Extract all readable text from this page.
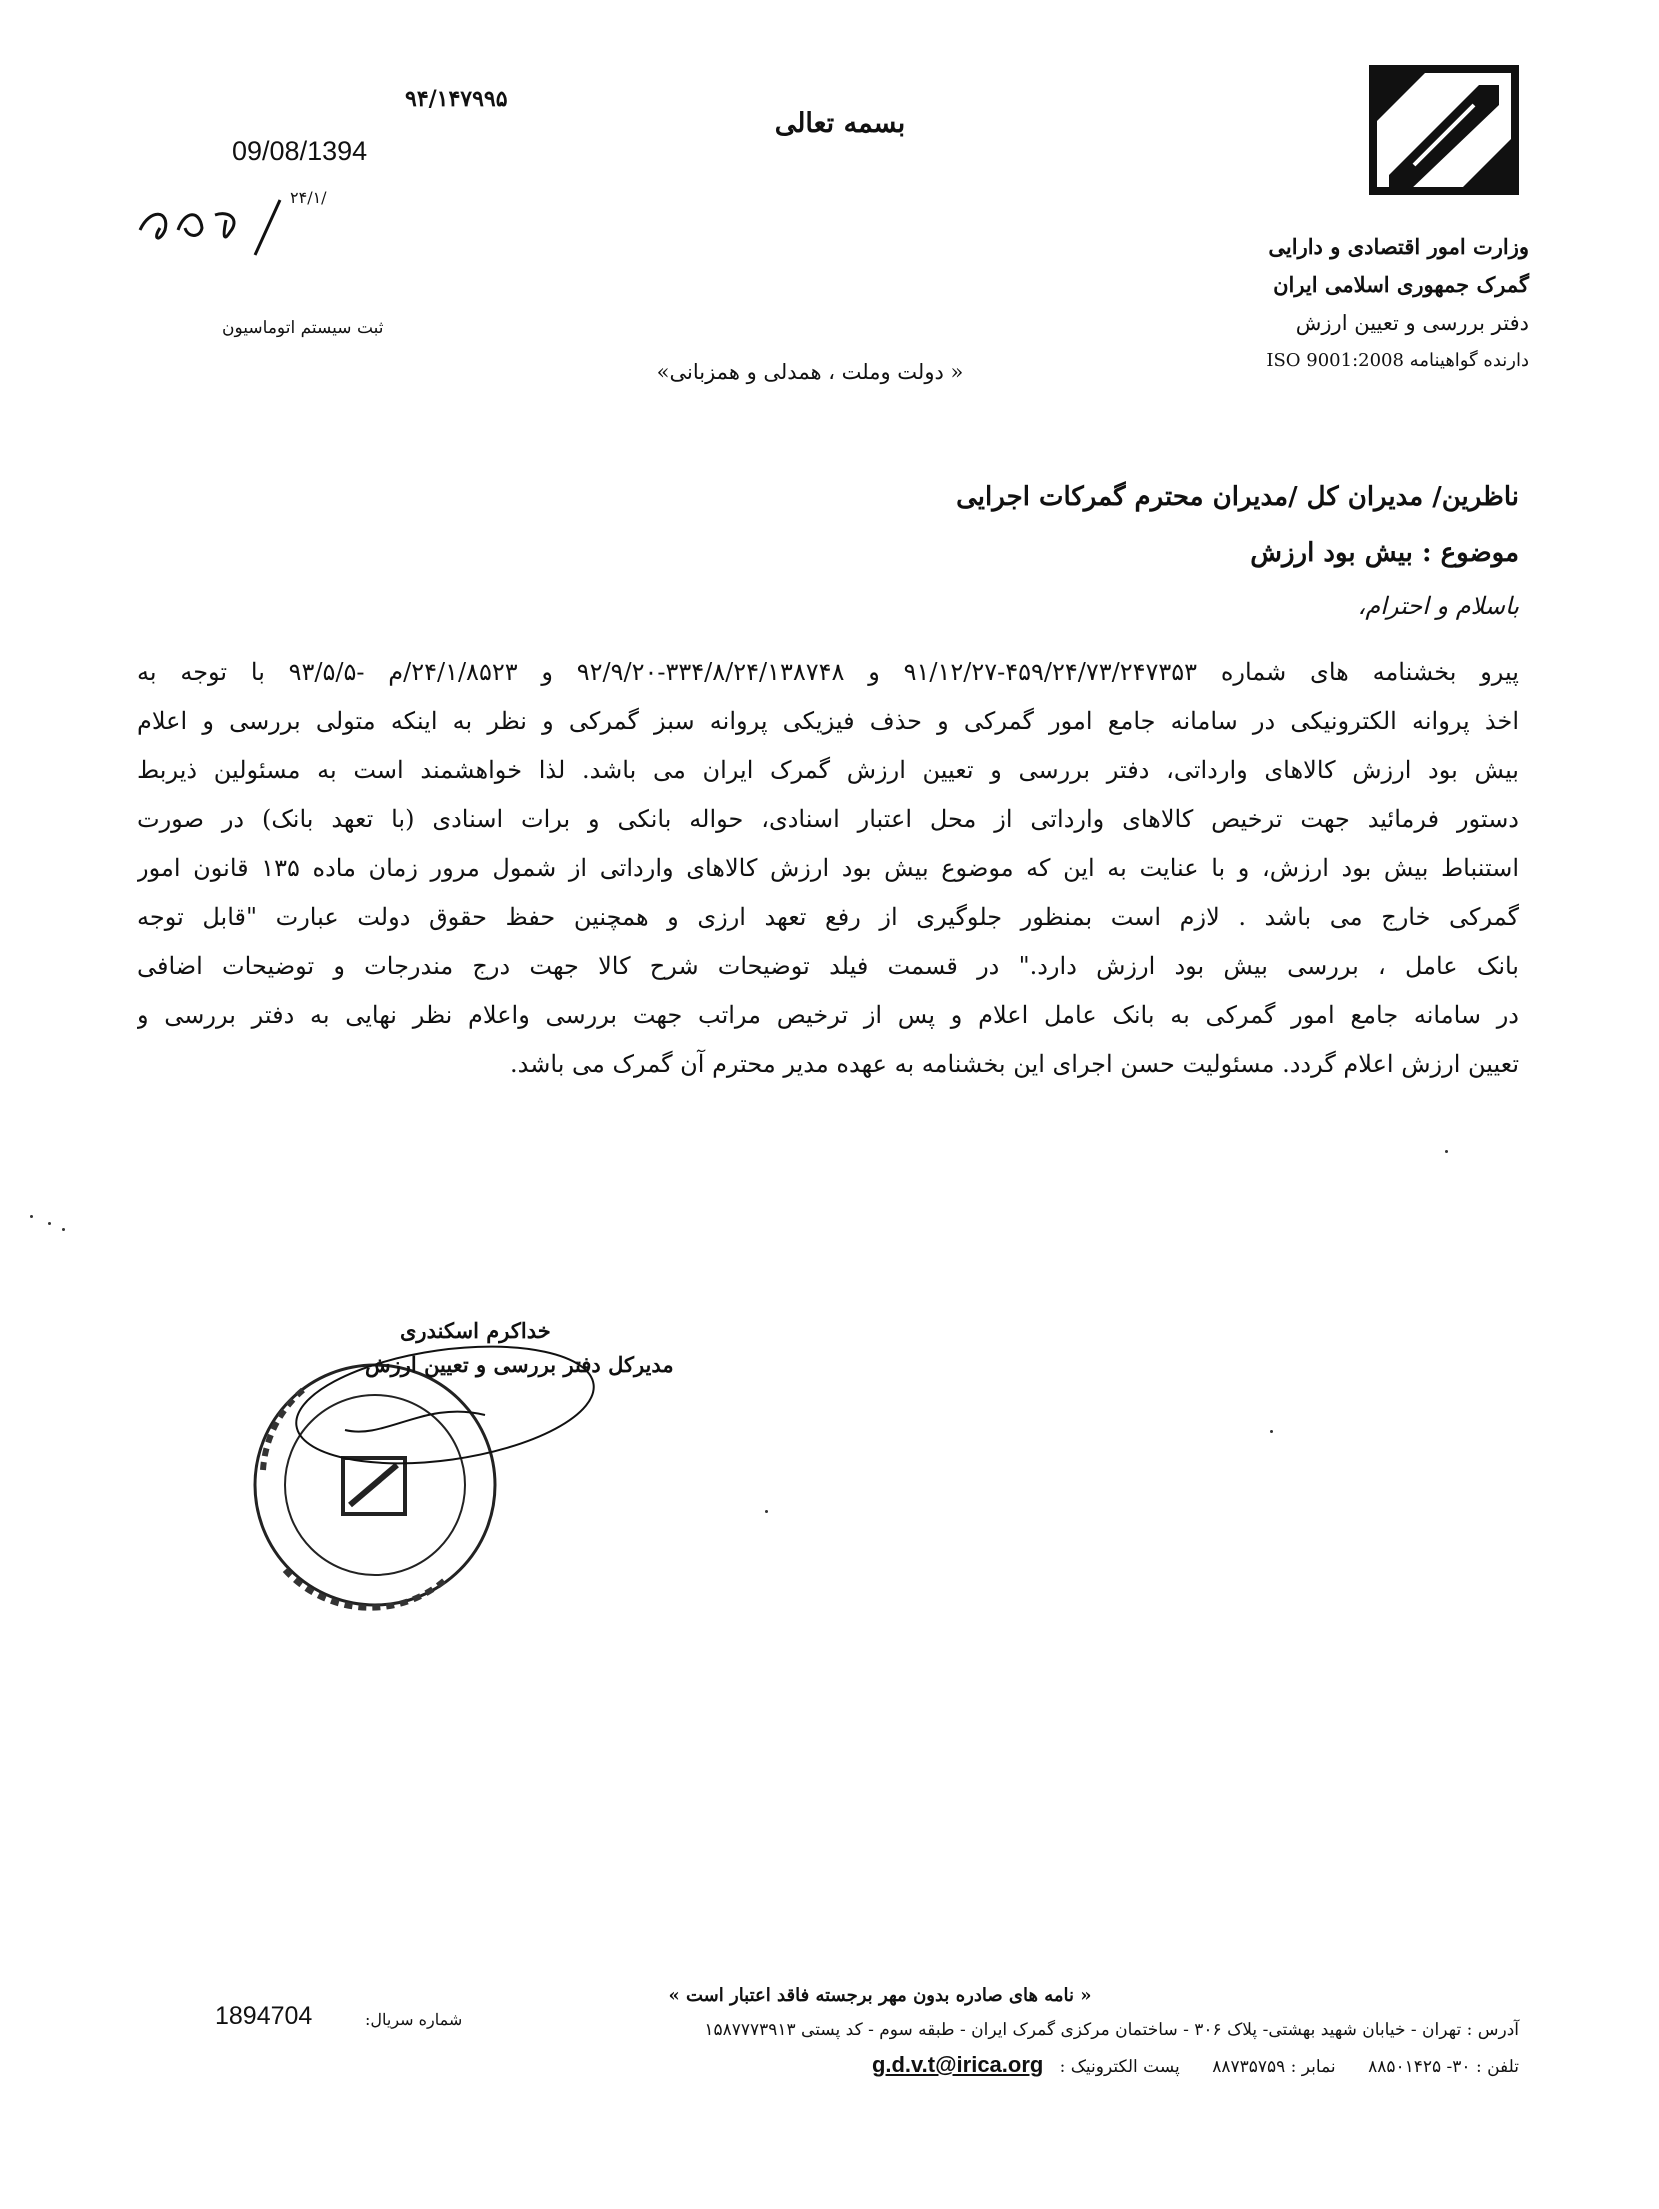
وزارت امور اقتصادی و دارایی
گمرک جمهوری اسلامی ایران
دفتر بررسی و تعیین ارزش
دارنده گواهینامه ISO 9001:2008
بسمه تعالی
« دولت وملت ، همدلی و همزبانی»
۹۴/۱۴۷۹۹۵
09/08/1394
۲۴/۱/
ثبت سیستم اتوماسیون
ناظرین/ مدیران کل /مدیران محترم گمرکات اجرایی
موضوع : بیش بود ارزش
باسلام و احترام،
پیرو بخشنامه های شماره ۴۵۹/۲۴/۷۳/۲۴۷۳۵۳-۹۱/۱۲/۲۷ و ۳۳۴/۸/۲۴/۱۳۸۷۴۸-۹۲/۹/۲۰ و ۲۴/۱/۸۵۲۳/م -۹۳/۵/۵ با توجه به
اخذ پروانه الکترونیکی در سامانه جامع امور گمرکی و حذف فیزیکی پروانه سبز گمرکی و نظر به اینکه متولی بررسی و اعلام
بیش بود ارزش کالاهای وارداتی، دفتر بررسی و تعیین ارزش گمرک ایران می باشد. لذا خواهشمند است به مسئولین ذیربط
دستور فرمائید جهت ترخیص کالاهای وارداتی از محل اعتبار اسنادی، حواله بانکی و برات اسنادی (با تعهد بانک) در صورت
استنباط بیش بود ارزش، و با عنایت به این که موضوع بیش بود ارزش کالاهای وارداتی از شمول مرور زمان ماده ۱۳۵ قانون امور
گمرکی خارج می باشد . لازم است بمنظور جلوگیری از رفع تعهد ارزی و همچنین حفظ حقوق دولت عبارت "قابل توجه
بانک عامل ، بررسی بیش بود ارزش دارد." در قسمت فیلد توضیحات شرح کالا جهت درج مندرجات و توضیحات اضافی
در سامانه جامع امور گمرکی به بانک عامل اعلام و پس از ترخیص مراتب جهت بررسی واعلام نظر نهایی به دفتر بررسی و
تعیین ارزش اعلام گردد. مسئولیت حسن اجرای این بخشنامه به عهده مدیر محترم آن گمرک می باشد.
خداکرم اسکندری
مدیرکل دفتر بررسی و تعیین ارزش
« نامه های صادره بدون مهر برجسته فاقد اعتبار است »
آدرس : تهران - خیابان شهید بهشتی- پلاک ۳۰۶ - ساختمان مرکزی گمرک ایران - طبقه سوم - کد پستی ۱۵۸۷۷۷۳۹۱۳
تلفن : ۳۰- ۸۸۵۰۱۴۲۵      نمابر : ۸۸۷۳۵۷۵۹      پست الکترونیک :   g.d.v.t@irica.org
شماره سریال:
1894704
